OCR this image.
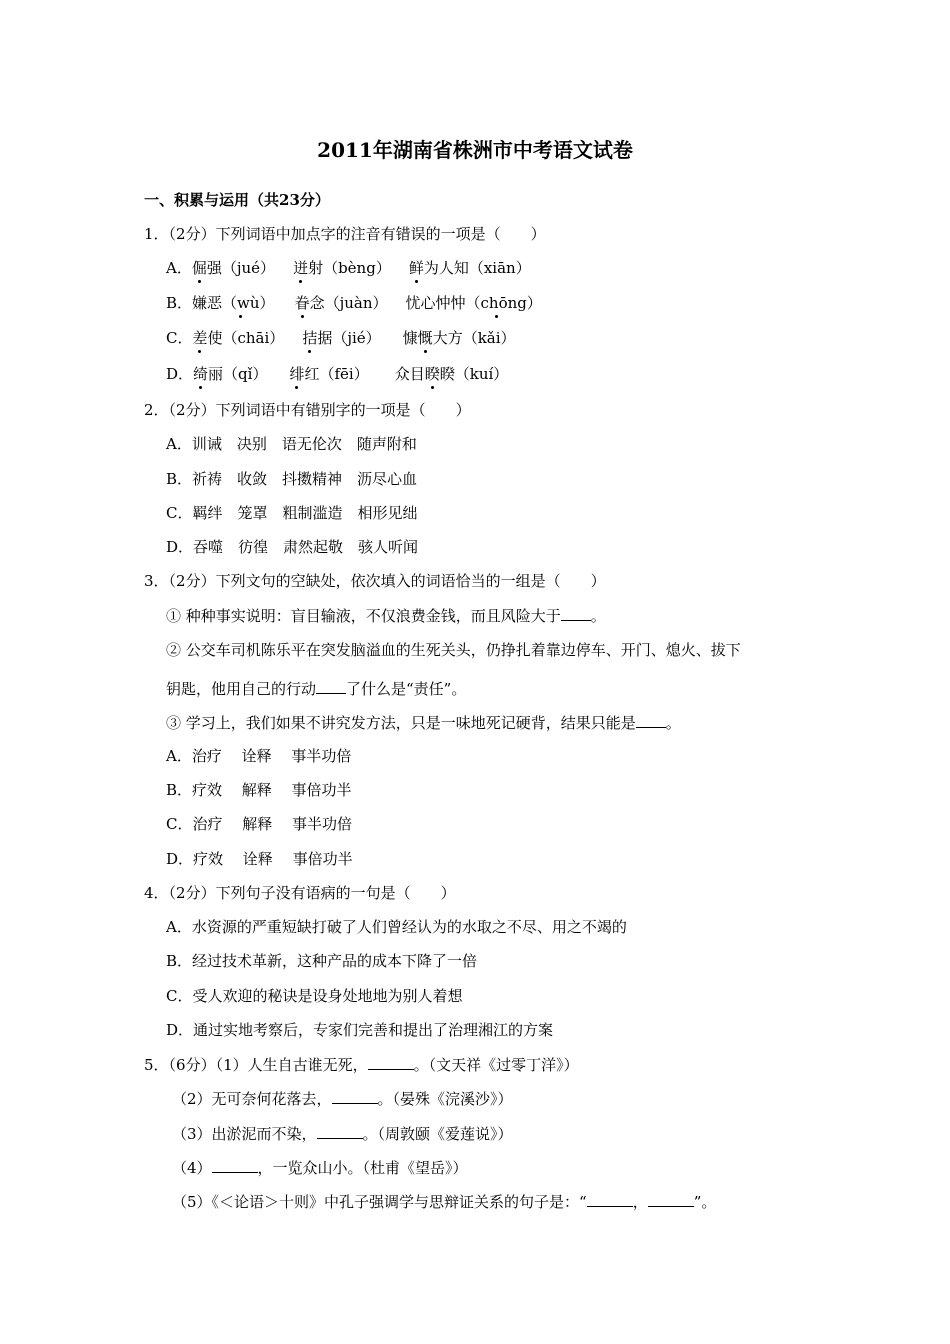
2011年湖南省株洲市中考语文试卷
一、积累与运用（共23分）
1．（2分）下列词语中加点字的注音有错误的一项是（　　）
A．倔强（jué） 迸射（bèng） 鲜为人知（xiān）
B．嫌恶（wù） 眷念（juàn） 忧心忡忡（chōng）
C．差使（chāi） 拮据（jié） 慷慨大方（kǎi）
D．绮丽（qǐ） 绯红（fēi） 众目睽睽（kuí）
2．（2分）下列词语中有错别字的一项是（　　）
A．训诫　决别　语无伦次　随声附和
B．祈祷　收敛　抖擞精神　沥尽心血
C．羁绊　笼罩　粗制滥造　相形见绌
D．吞噬　彷徨　肃然起敬　骇人听闻
3．（2分）下列文句的空缺处，依次填入的词语恰当的一组是（　　）
① 种种事实说明：盲目输液，不仅浪费金钱，而且风险大于 。
② 公交车司机陈乐平在突发脑溢血的生死关头，仍挣扎着靠边停车、开门、熄火、拔下
钥匙，他用自己的行动 了什么是“责任”。
③ 学习上，我们如果不讲究发方法，只是一味地死记硬背，结果只能是 。
A．治疗　 诠释　 事半功倍
B．疗效　 解释　 事倍功半
C．治疗　 解释　 事半功倍
D．疗效　 诠释　 事倍功半
4．（2分）下列句子没有语病的一句是（　　）
A．水资源的严重短缺打破了人们曾经认为的水取之不尽、用之不竭的
B．经过技术革新，这种产品的成本下降了一倍
C．受人欢迎的秘诀是设身处地地为别人着想
D．通过实地考察后，专家们完善和提出了治理湘江的方案
5．（6分）（1）人生自古谁无死，	。（文天祥《过零丁洋》）
（2）无可奈何花落去，	。（晏殊《浣溪沙》）
（3）出淤泥而不染，	。（周敦颐《爱莲说》）
（4）	，一览众山小。（杜甫《望岳》）
（5）《＜论语＞十则》中孔子强调学与思辩证关系的句子是：“	，	”。
